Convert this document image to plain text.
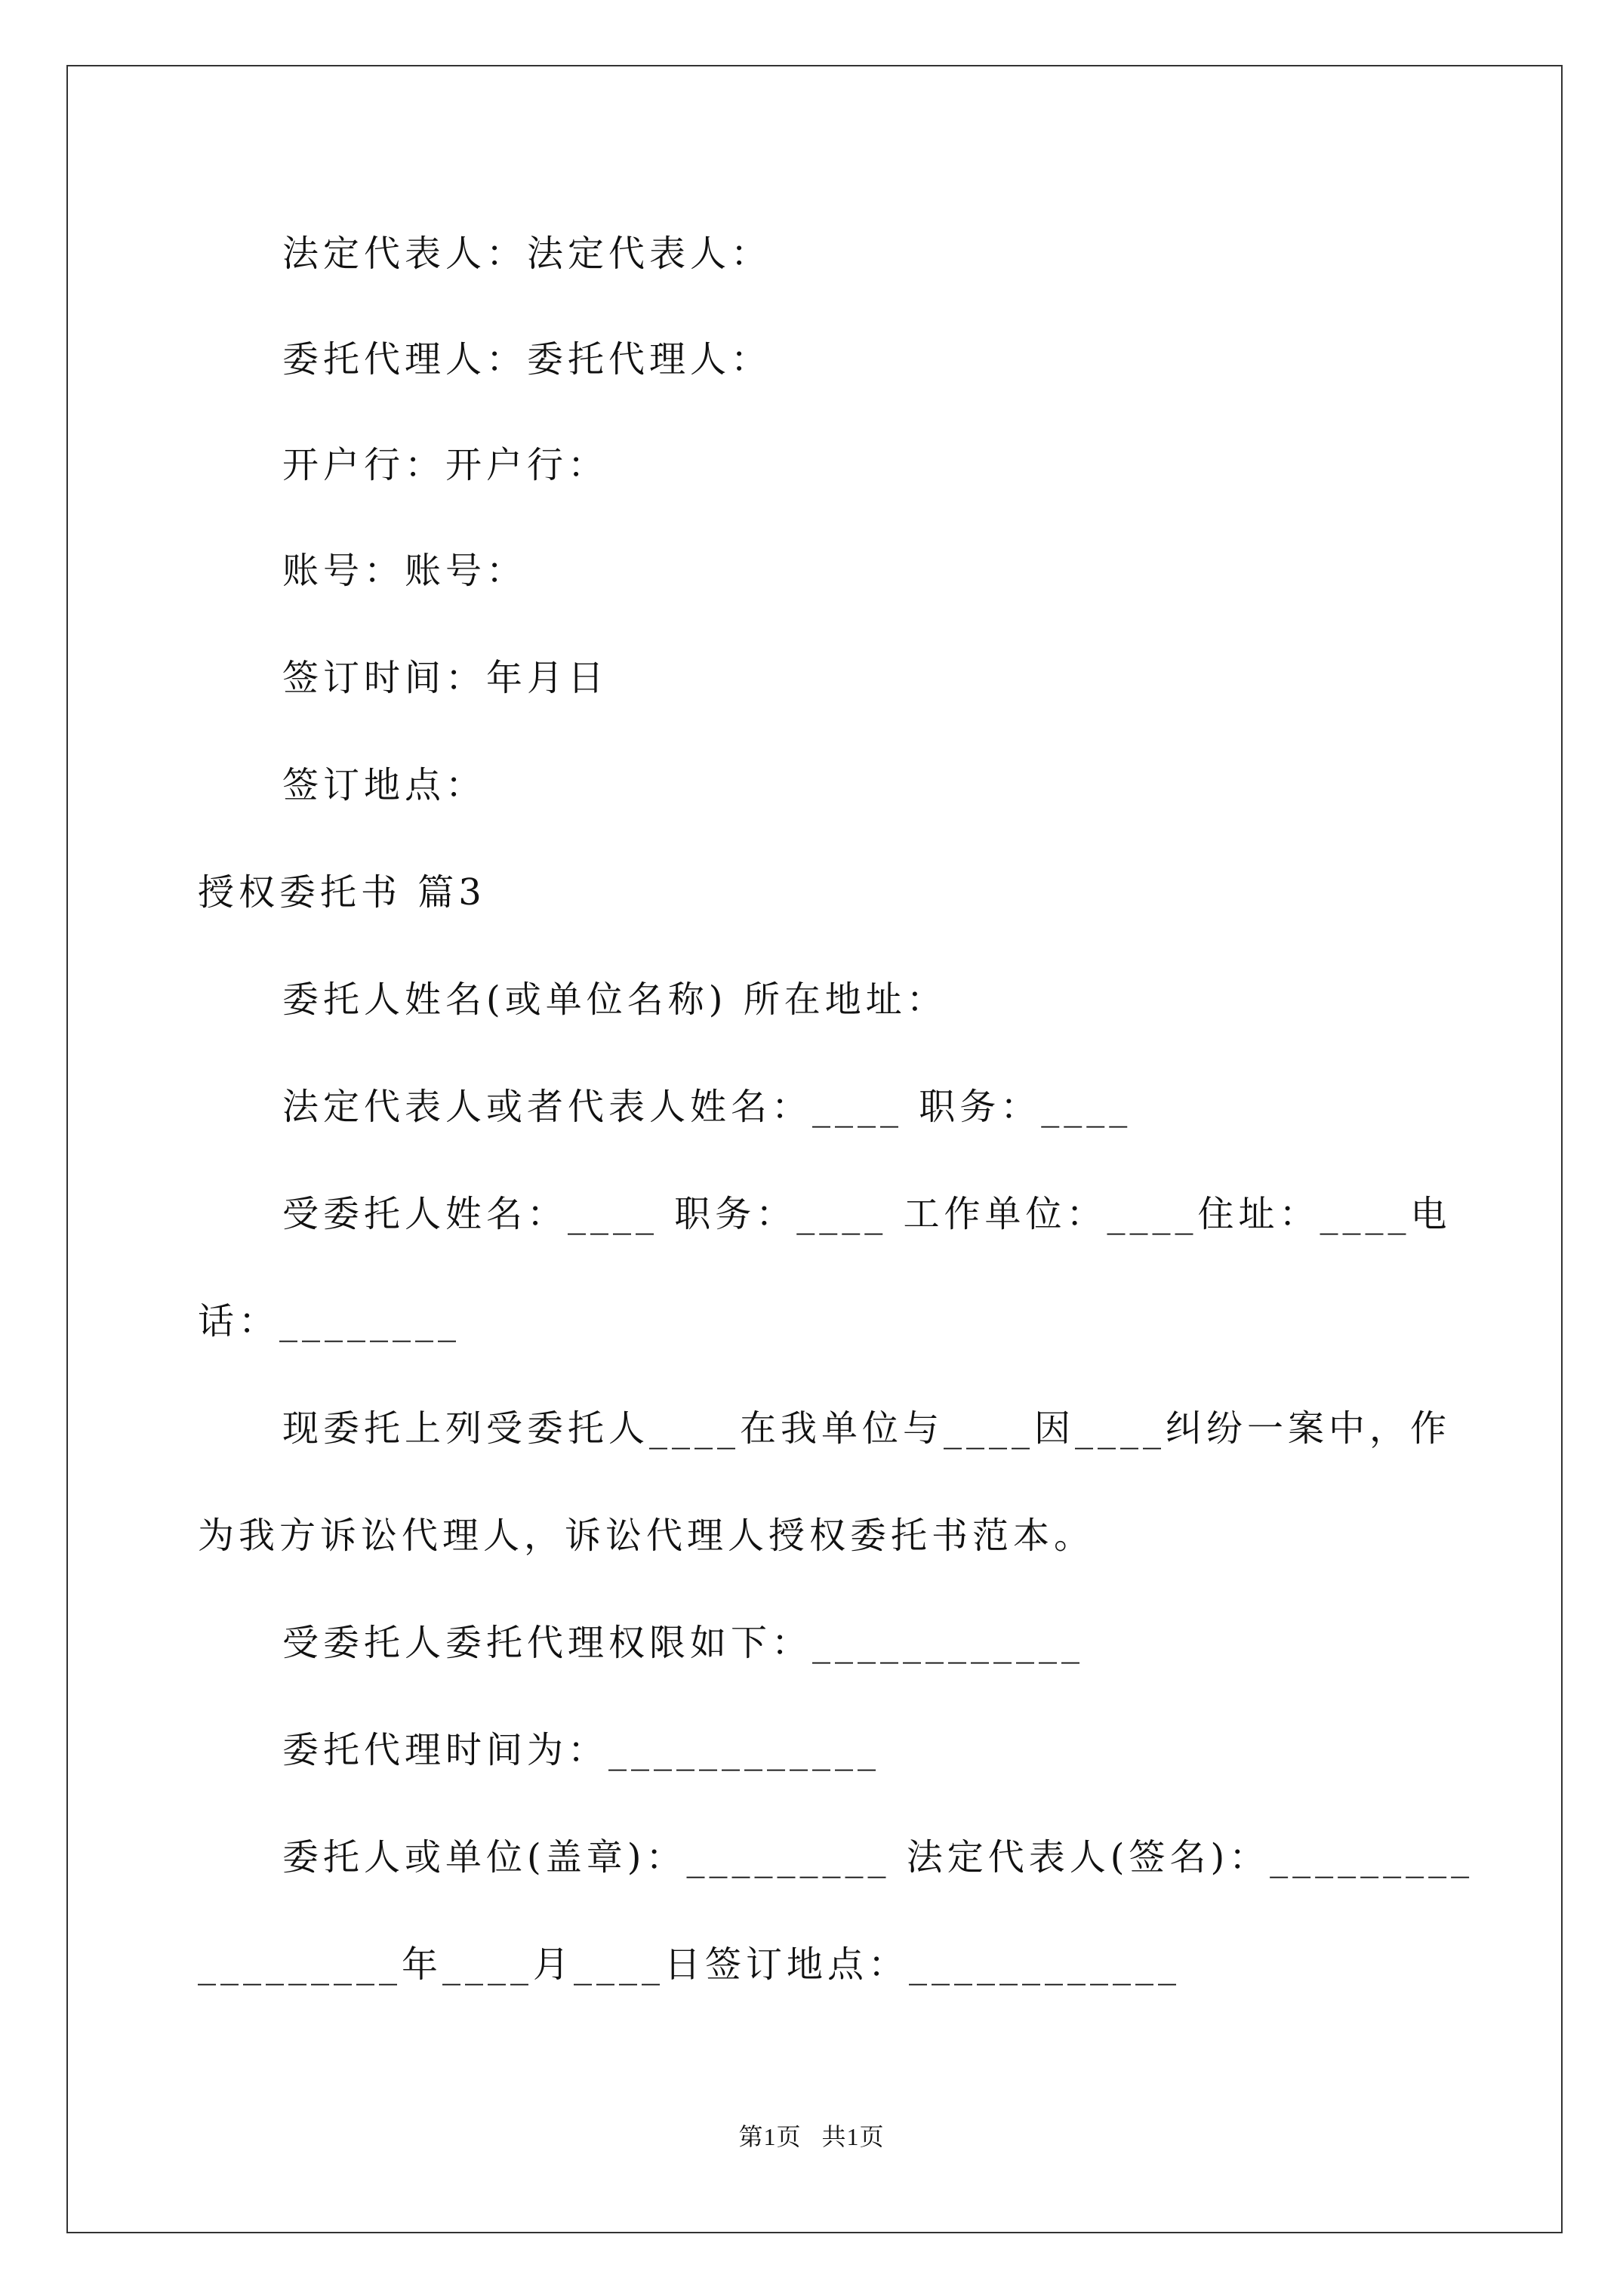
法定代表人：法定代表人：
委托代理人：委托代理人：
开户行：开户行：
账号：账号：
签订时间：年月日
签订地点：
授权委托书 篇3
委托人姓名(或单位名称) 所在地址：
法定代表人或者代表人姓名：____ 职务：____
受委托人姓名：____ 职务：____ 工作单位：____住址：____电
话：________
现委托上列受委托人____在我单位与____因____纠纷一案中，作
为我方诉讼代理人，诉讼代理人授权委托书范本。
受委托人委托代理权限如下：____________
委托代理时间为：____________
委托人或单位(盖章)：_________ 法定代表人(签名)：_________
_________年____月____日签订地点：____________
第1页   共1页
